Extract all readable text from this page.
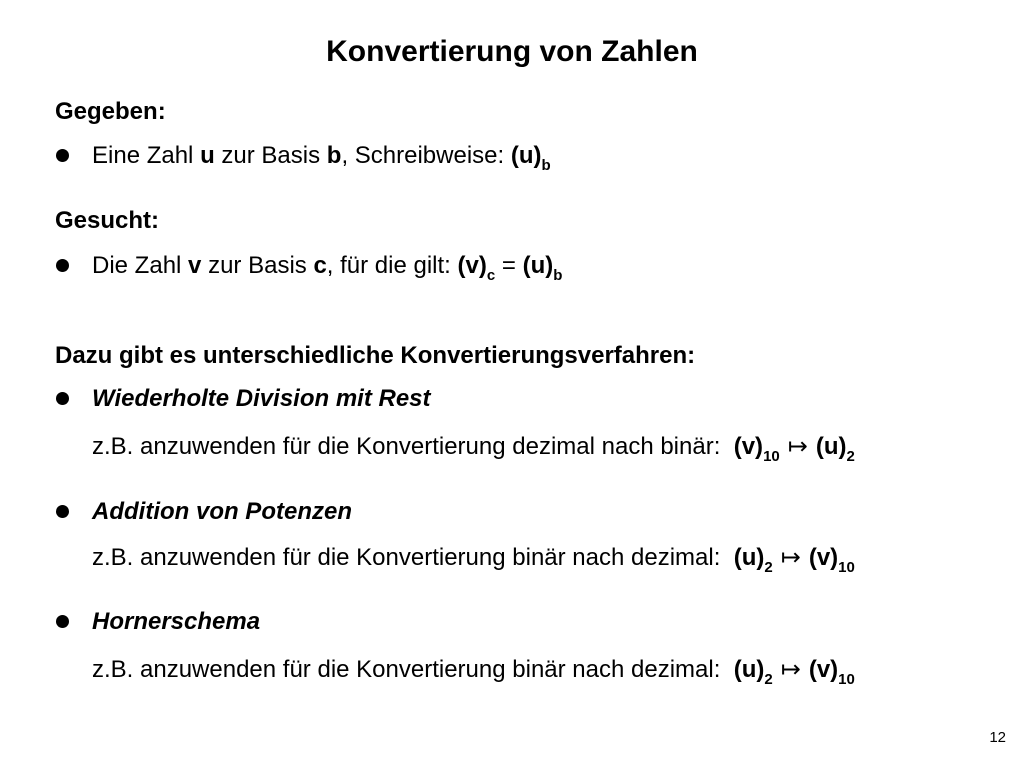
Konvertierung von Zahlen
Gegeben:
Eine Zahl u zur Basis b, Schreibweise: $(u)_b$
Gesucht:
Die Zahl v zur Basis c, für die gilt: $(v)_c = (u)_b$
Dazu gibt es unterschiedliche Konvertierungsverfahren:
Wiederholte Division mit Rest
z.B. anzuwenden für die Konvertierung dezimal nach binär: $(v)_{10}$ ↦ $(u)_2$
Addition von Potenzen
z.B. anzuwenden für die Konvertierung binär nach dezimal: $(u)_2$ ↦ $(v)_{10}$
Hornerschema
z.B. anzuwenden für die Konvertierung binär nach dezimal: $(u)_2$ ↦ $(v)_{10}$
12
